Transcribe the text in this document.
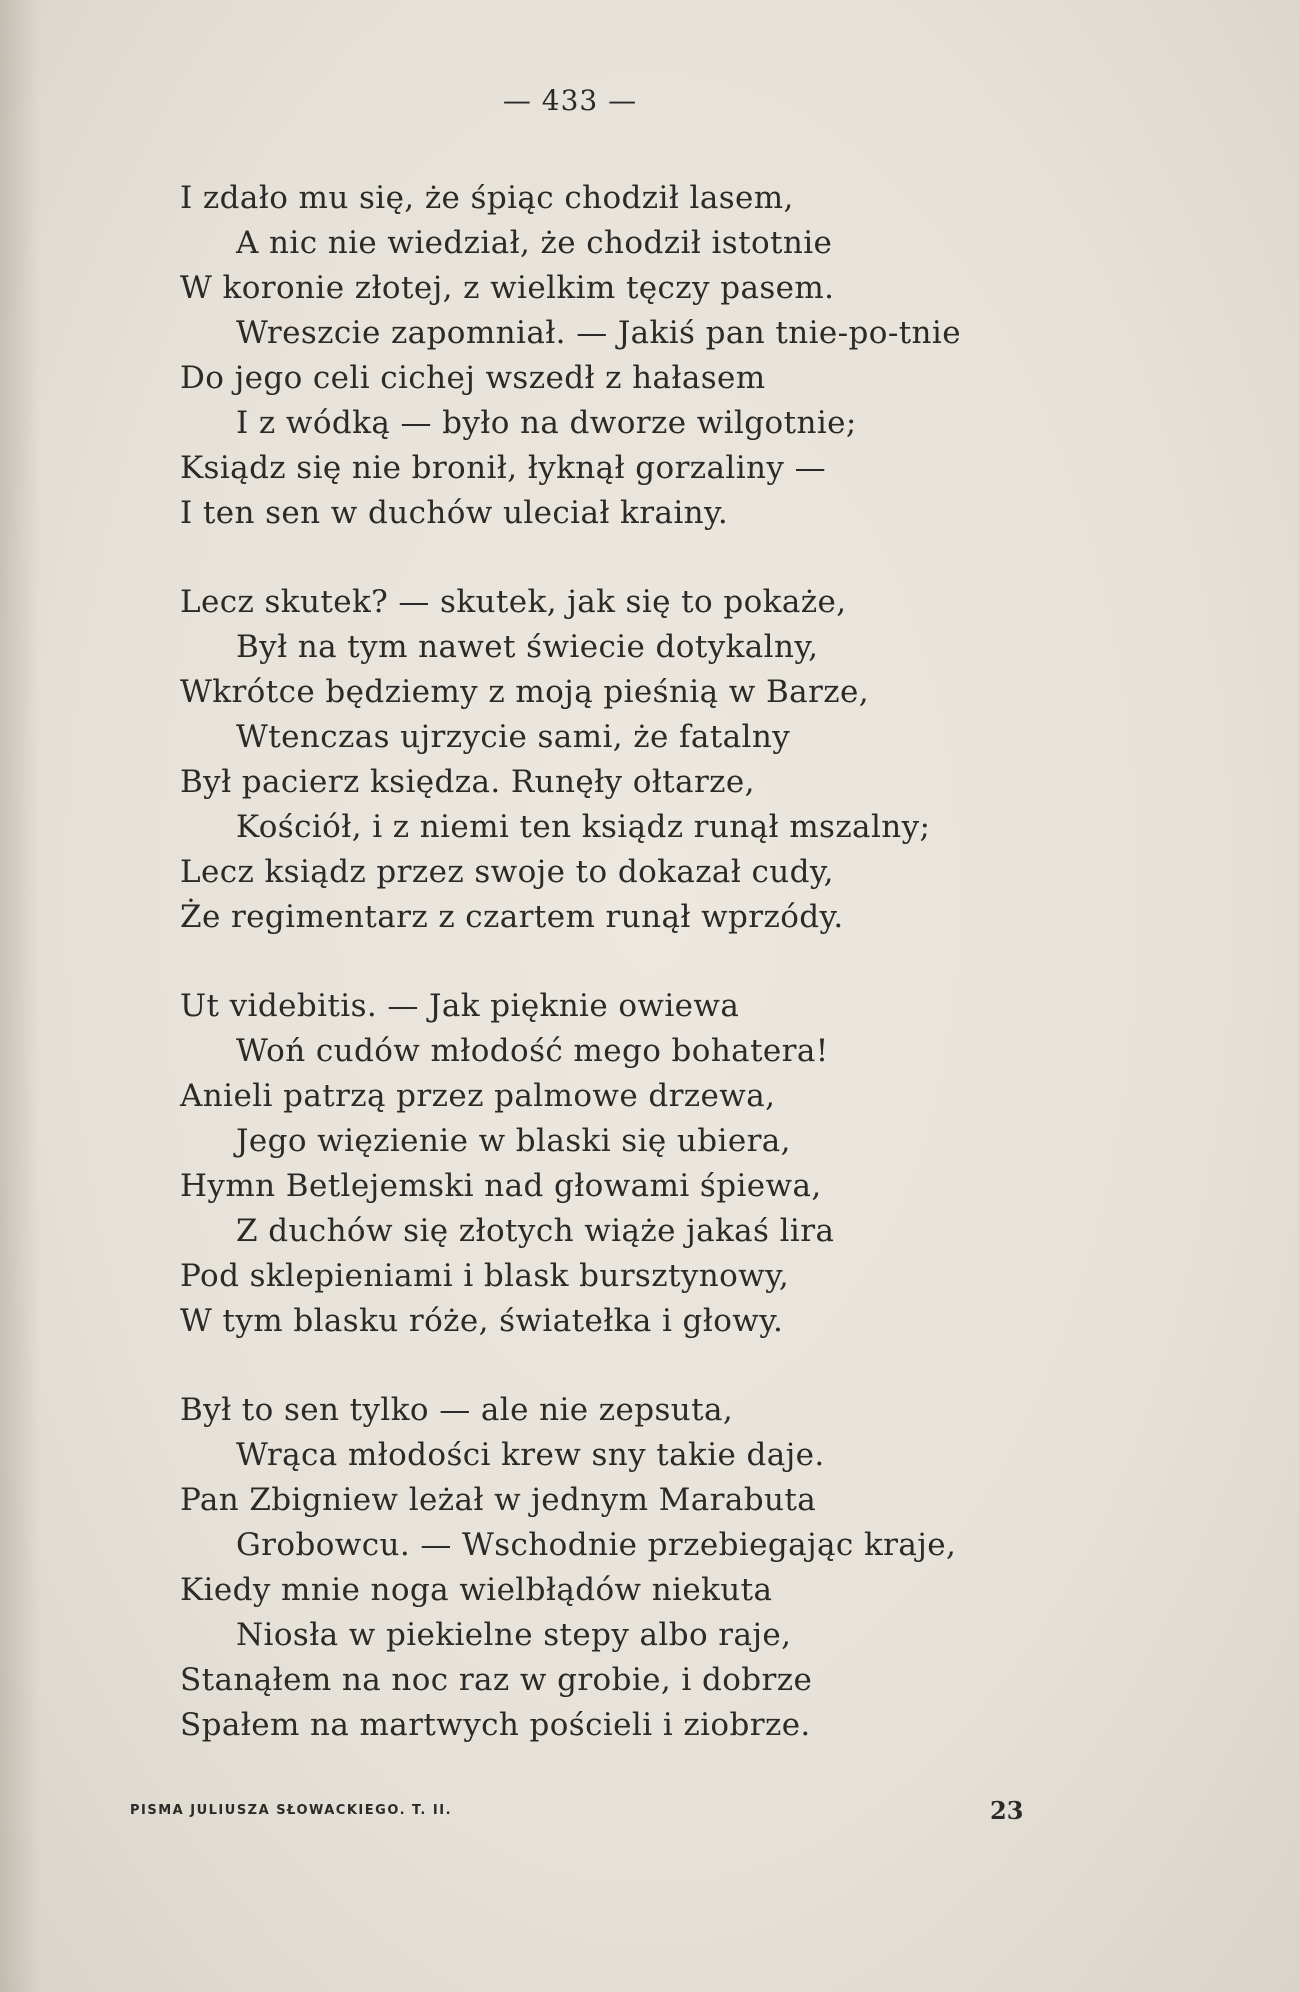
— 433 —
I zdało mu się, że śpiąc chodził lasem,
A nic nie wiedział, że chodził istotnie
W koronie złotej, z wielkim tęczy pasem.
Wreszcie zapomniał. — Jakiś pan tnie-po-tnie
Do jego celi cichej wszedł z hałasem
I z wódką — było na dworze wilgotnie;
Ksiądz się nie bronił, łyknął gorzaliny —
I ten sen w duchów uleciał krainy.
Lecz skutek? — skutek, jak się to pokaże,
Był na tym nawet świecie dotykalny,
Wkrótce będziemy z moją pieśnią w Barze,
Wtenczas ujrzycie sami, że fatalny
Był pacierz księdza. Runęły ołtarze,
Kościół, i z niemi ten ksiądz runął mszalny;
Lecz ksiądz przez swoje to dokazał cudy,
Że regimentarz z czartem runął wprzódy.
Ut videbitis. — Jak pięknie owiewa
Woń cudów młodość mego bohatera!
Anieli patrzą przez palmowe drzewa,
Jego więzienie w blaski się ubiera,
Hymn Betlejemski nad głowami śpiewa,
Z duchów się złotych wiąże jakaś lira
Pod sklepieniami i blask bursztynowy,
W tym blasku róże, światełka i głowy.
Był to sen tylko — ale nie zepsuta,
Wrąca młodości krew sny takie daje.
Pan Zbigniew leżał w jednym Marabuta
Grobowcu. — Wschodnie przebiegając kraje,
Kiedy mnie noga wielbłądów niekuta
Niosła w piekielne stepy albo raje,
Stanąłem na noc raz w grobie, i dobrze
Spałem na martwych pościeli i ziobrze.
PISMA JULIUSZA SŁOWACKIEGO. T. II.	23
